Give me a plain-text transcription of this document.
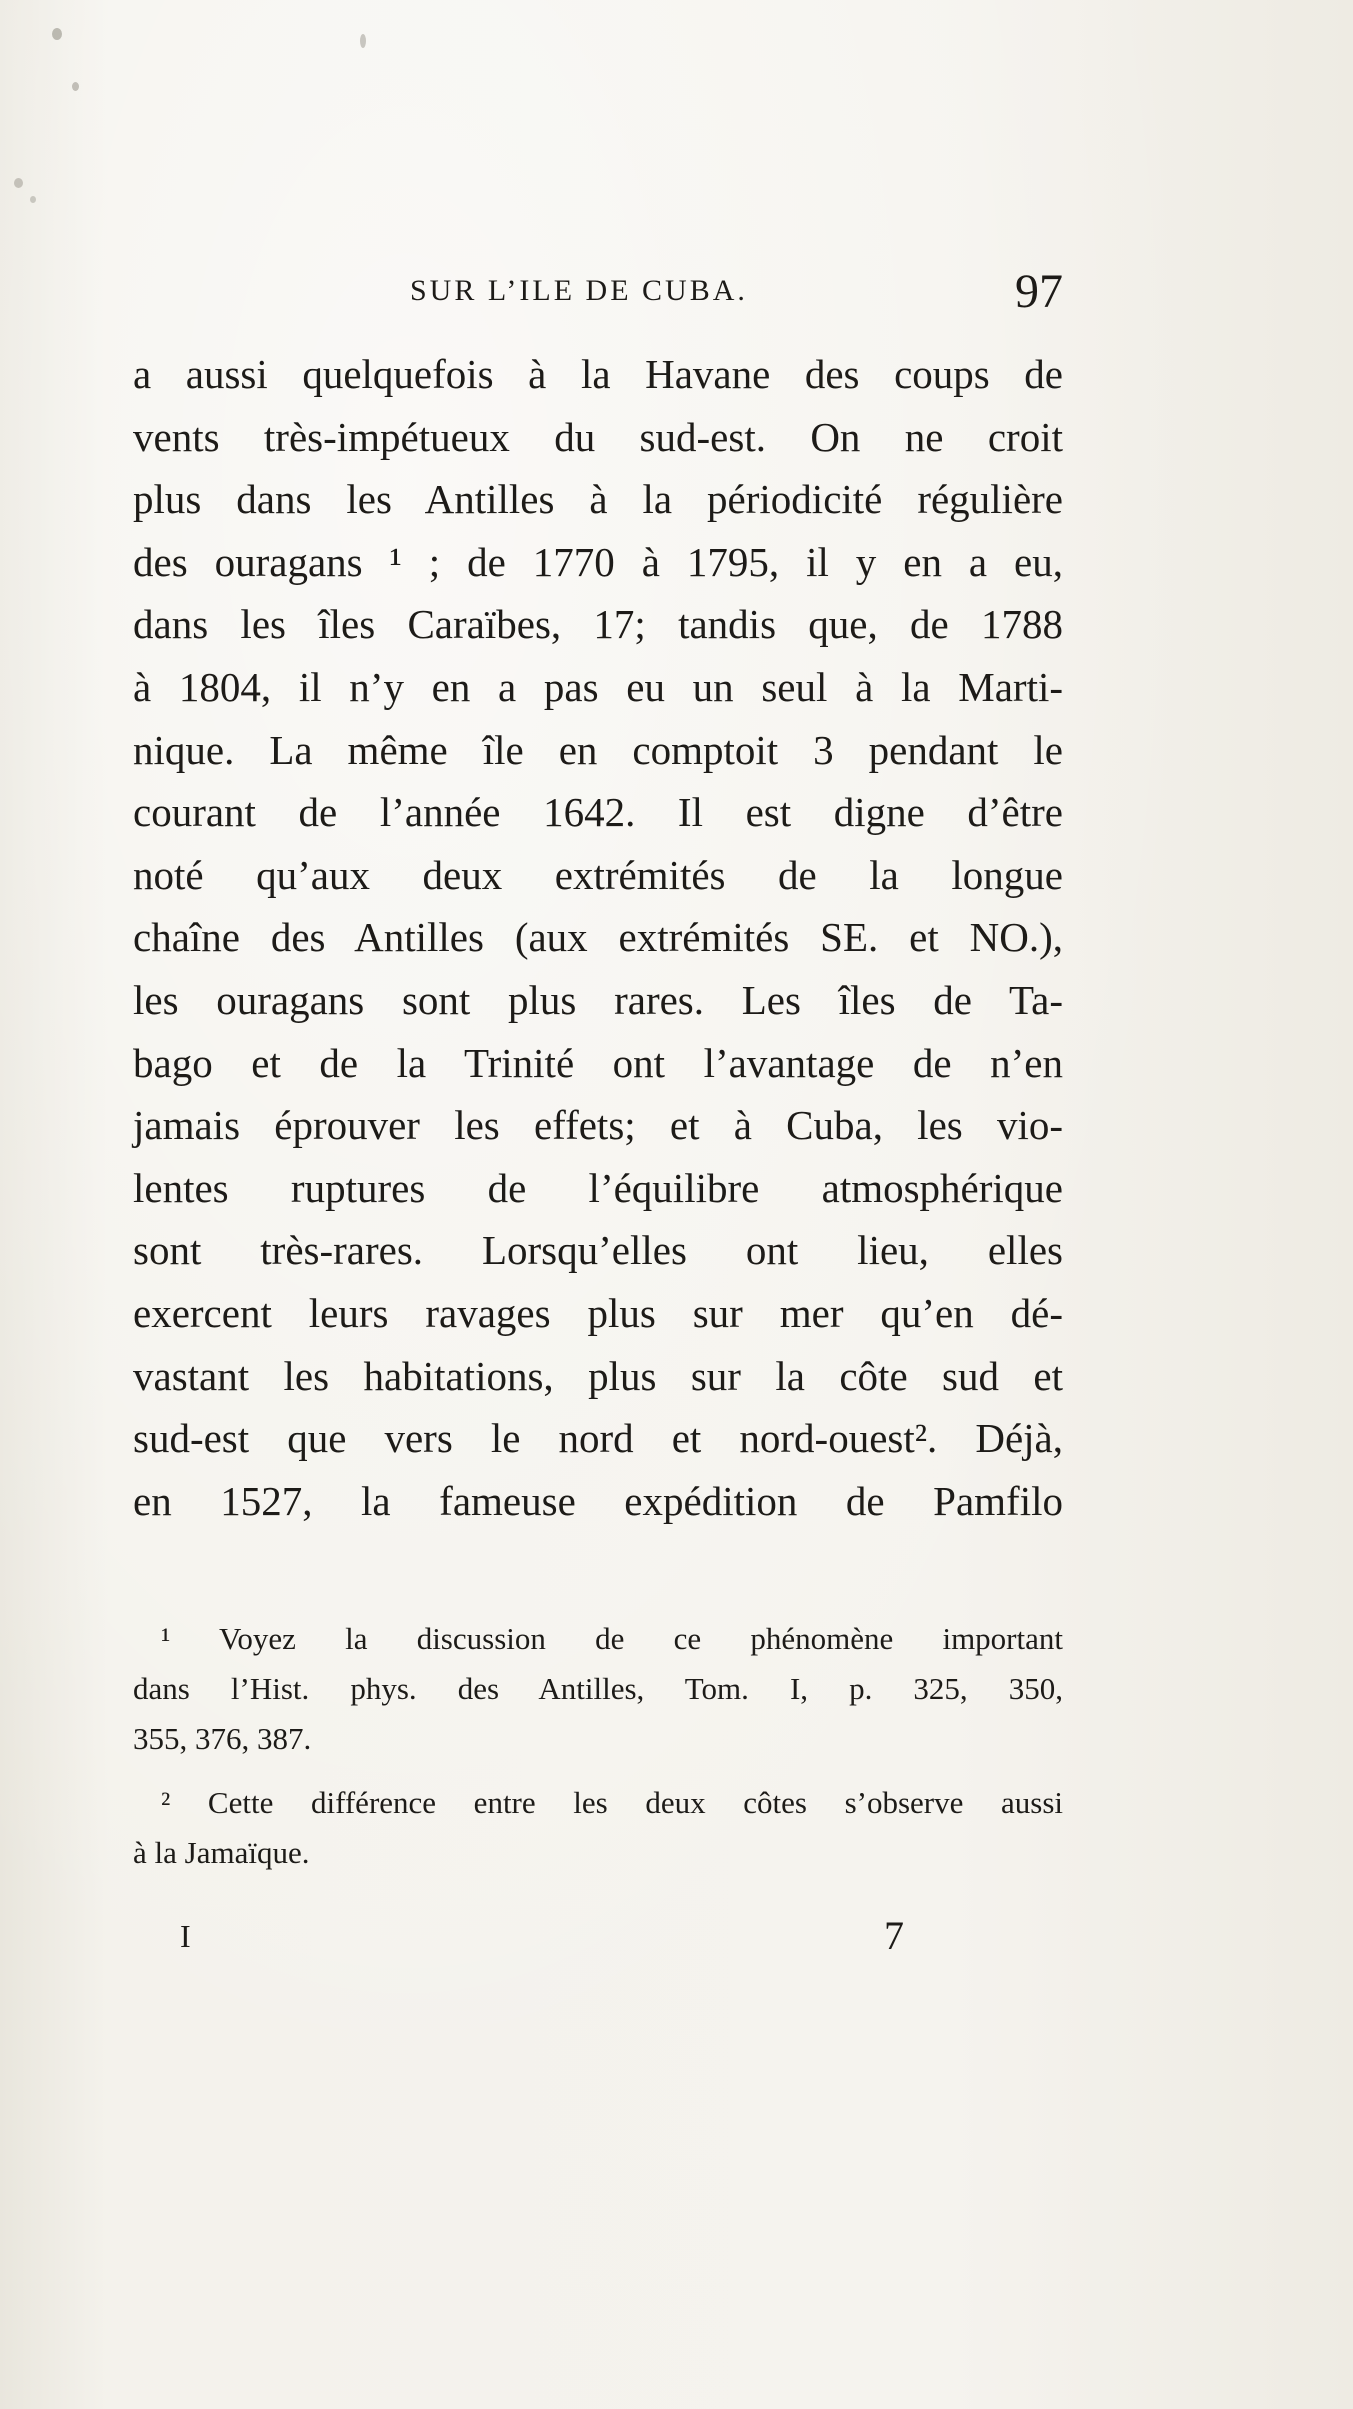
SUR L’ILE DE CUBA.	97
a aussi quelquefois à la Havane des coups de
vents très-impétueux du sud-est. On ne croit
plus dans les Antilles à la périodicité régulière
des ouragans ¹ ; de 1770 à 1795, il y en a eu,
dans les îles Caraïbes, 17; tandis que, de 1788
à 1804, il n’y en a pas eu un seul à la Marti-
nique. La même île en comptoit 3 pendant le
courant de l’année 1642. Il est digne d’être
noté qu’aux deux extrémités de la longue
chaîne des Antilles (aux extrémités SE. et NO.),
les ouragans sont plus rares. Les îles de Ta-
bago et de la Trinité ont l’avantage de n’en
jamais éprouver les effets; et à Cuba, les vio-
lentes ruptures de l’équilibre atmosphérique
sont très-rares. Lorsqu’elles ont lieu, elles
exercent leurs ravages plus sur mer qu’en dé-
vastant les habitations, plus sur la côte sud et
sud-est que vers le nord et nord-ouest². Déjà,
en 1527, la fameuse expédition de Pamfilo
¹ Voyez la discussion de ce phénomène important
dans l’Hist. phys. des Antilles, Tom. I, p. 325, 350,
355, 376, 387.
² Cette différence entre les deux côtes s’observe aussi
à la Jamaïque.
I	7
